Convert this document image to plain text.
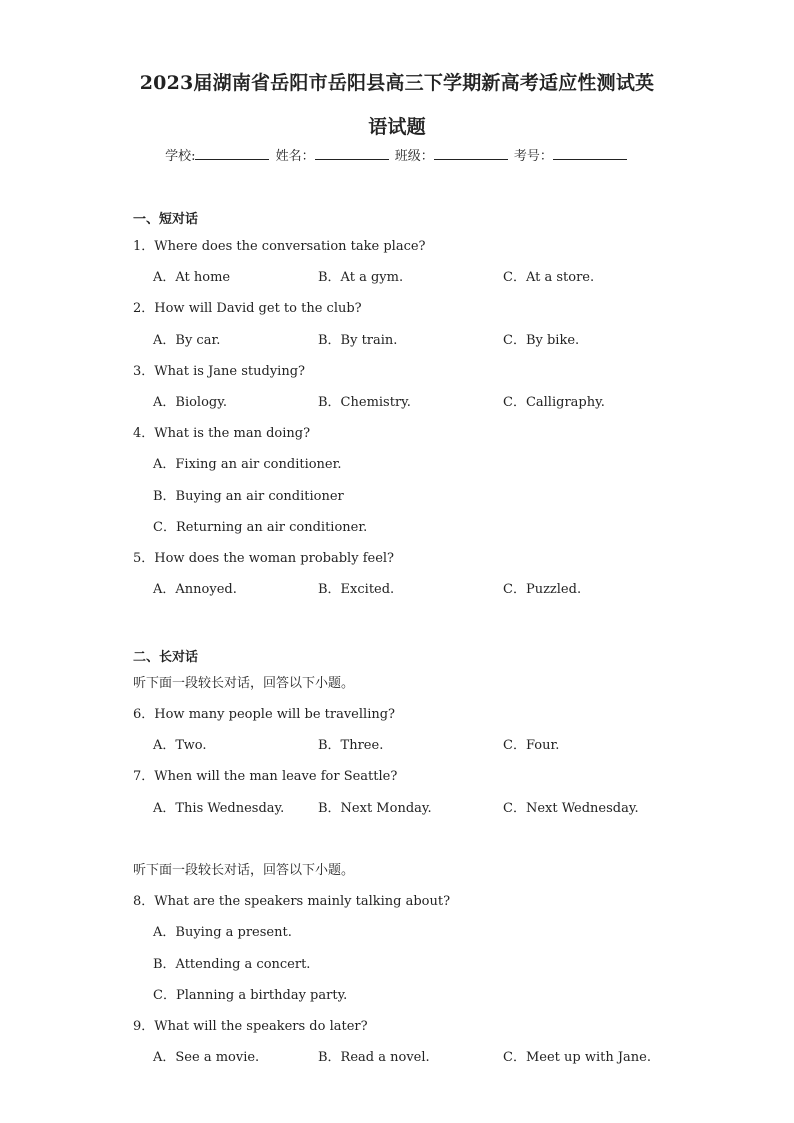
2023届湖南省岳阳市岳阳县高三下学期新高考适应性测试英
语试题
学校:	姓名：	班级：	考号：
一、短对话
1．Where does the conversation take place?
A．At home	B．At a gym.	C．At a store.
2．How will David get to the club?
A．By car.	B．By train.	C．By bike.
3．What is Jane studying?
A．Biology.	B．Chemistry.	C．Calligraphy.
4．What is the man doing?
A．Fixing an air conditioner.
B．Buying an air conditioner
C．Returning an air conditioner.
5．How does the woman probably feel?
A．Annoyed.	B．Excited.	C．Puzzled.
二、长对话
听下面一段较长对话，回答以下小题。
6．How many people will be travelling?
A．Two.	B．Three.	C．Four.
7．When will the man leave for Seattle?
A．This Wednesday.	B．Next Monday.	C．Next Wednesday.
听下面一段较长对话，回答以下小题。
8．What are the speakers mainly talking about?
A．Buying a present.
B．Attending a concert.
C．Planning a birthday party.
9．What will the speakers do later?
A．See a movie.	B．Read a novel.	C．Meet up with Jane.
